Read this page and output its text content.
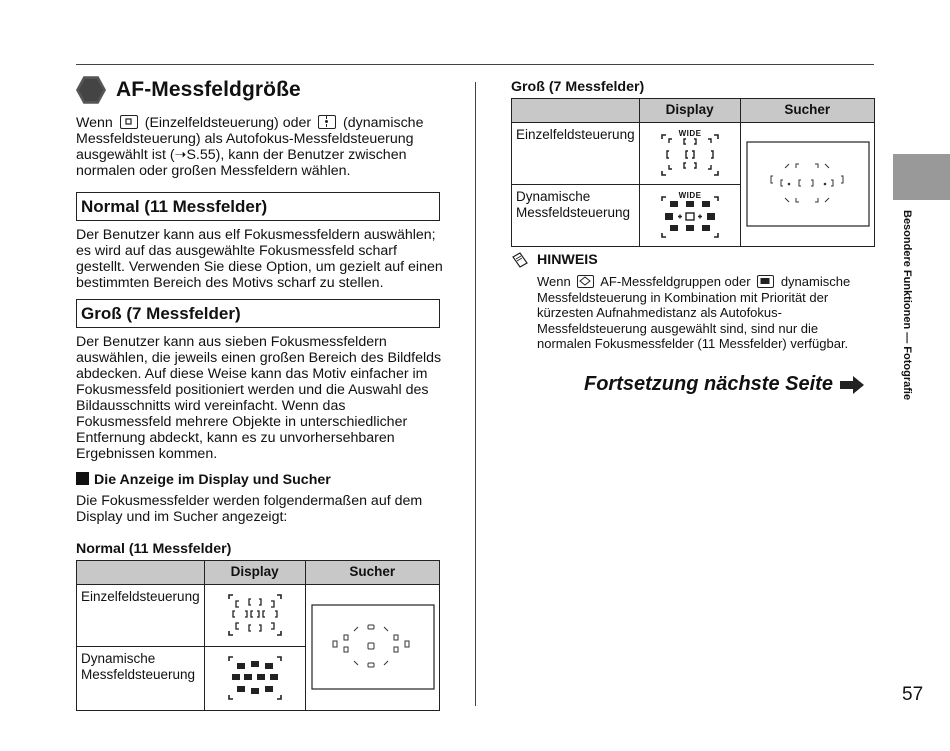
AF-Messfeldgröße
Wenn (Einzelfeldsteuerung) oder (dynamische Messfeldsteuerung) als Autofokus-Messfeldsteuerung ausgewählt ist (➝S.55), kann der Benutzer zwischen normalen oder großen Messfeldern wählen.
Normal (11 Messfelder)
Der Benutzer kann aus elf Fokusmessfeldern auswählen; es wird auf das ausgewählte Fokusmessfeld scharf gestellt. Verwenden Sie diese Option, um gezielt auf einen bestimmten Bereich des Motivs scharf zu stellen.
Groß (7 Messfelder)
Der Benutzer kann aus sieben Fokusmessfeldern auswählen, die jeweils einen großen Bereich des Bildfelds abdecken. Auf diese Weise kann das Motiv einfacher im Fokusmessfeld positioniert werden und die Auswahl des Bildausschnitts wird vereinfacht. Wenn das Fokusmessfeld mehrere Objekte in unterschiedlicher Entfernung abdeckt, kann es zu unvorhersehbaren Ergebnissen kommen.
Die Anzeige im Display und Sucher
Die Fokusmessfelder werden folgendermaßen auf dem Display und im Sucher angezeigt:
Normal (11 Messfelder)
	Display	Sucher
Einzelfeldsteuerung		
Dynamische Messfeldsteuerung	
Groß (7 Messfelder)
	Display	Sucher
Einzelfeldsteuerung	WIDE

Dynamische Messfeldsteuerung	WIDE	
HINWEIS
Wenn AF-Messfeldgruppen oder dynamische Messfeldsteuerung in Kombination mit Priorität der kürzesten Aufnahmedistanz als Autofokus-Messfeldsteuerung ausgewählt sind, sind nur die normalen Fokusmessfelder (11 Messfelder) verfügbar.
Fortsetzung nächste Seite	Besondere Funktionen — Fotografie
57
